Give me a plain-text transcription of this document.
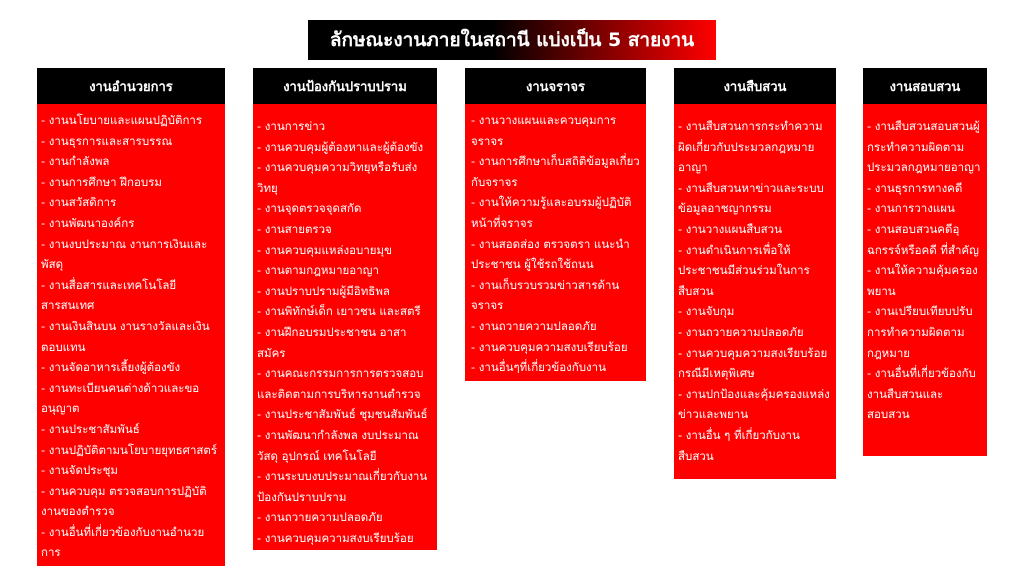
ลักษณะงานภายในสถานี แบ่งเป็น 5 สายงาน
งานอำนวยการ
- งานนโยบายและแผนปฏิบัติการ
- งานธุรการและสารบรรณ
- งานกำลังพล
- งานการศึกษา ฝึกอบรม
- งานสวัสดิการ
- งานพัฒนาองค์กร
- งานงบประมาณ งานการเงินและพัสดุ
- งานสื่อสารและเทคโนโลยีสารสนเทศ
- งานเงินสินบน งานรางวัลและเงินตอบแทน
- งานจัดอาหารเลี้ยงผู้ต้องขัง
- งานทะเบียนคนต่างด้าวและขออนุญาต
- งานประชาสัมพันธ์
- งานปฏิบัติตามนโยบายยุทธศาสตร์
- งานจัดประชุม
- งานควบคุม ตรวจสอบการปฏิบัติงานของตำรวจ
- งานอื่นที่เกี่ยวข้องกับงานอำนวยการ
งานป้องกันปราบปราม
- งานการข่าว
- งานควบคุมผู้ต้องหาและผู้ต้องขัง
- งานควบคุมความวิทยุหรือรับส่งวิทยุ
- งานจุดตรวจจุดสกัด
- งานสายตรวจ
- งานควบคุมแหล่งอบายมุข
- งานตามกฎหมายอาญา
- งานปราบปรามผู้มีอิทธิพล
- งานพิทักษ์เด็ก เยาวชน และสตรี
- งานฝึกอบรมประชาชน อาสาสมัคร
- งานคณะกรรมการการตรวจสอบและติดตามการบริหารงานตำรวจ
- งานประชาสัมพันธ์ ชุมชนสัมพันธ์
- งานพัฒนากำลังพล งบประมาณ วัสดุ อุปกรณ์ เทคโนโลยี
- งานระบบงบประมาณเกี่ยวกับงานป้องกันปราบปราม
- งานถวายความปลอดภัย
- งานควบคุมความสงบเรียบร้อย
- งานอื่นที่เกี่ยวกับงานป้องกัน
งานจราจร
- งานวางแผนและควบคุมการจราจร
- งานการศึกษาเก็บสถิติข้อมูลเกี่ยวกับจราจร
- งานให้ความรู้และอบรมผู้ปฏิบัติหน้าที่จราจร
- งานสอดส่อง ตรวจตรา แนะนำประชาชน ผู้ใช้รถใช้ถนน
- งานเก็บรวบรวมข่าวสารด้านจราจร
- งานถวายความปลอดภัย
- งานควบคุมความสงบเรียบร้อย
- งานอื่นๆที่เกี่ยวข้องกับงาน
งานสืบสวน
- งานสืบสวนการกระทำความผิดเกี่ยวกับประมวลกฎหมายอาญา
- งานสืบสวนหาข่าวและระบบข้อมูลอาชญากรรม
- งานวางแผนสืบสวน
- งานดำเนินการเพื่อให้ประชาชนมีส่วนร่วมในการสืบสวน
- งานจับกุม
- งานถวายความปลอดภัย
- งานควบคุมความสงเรียบร้อย กรณีมีเหตุพิเศษ
- งานปกป้องและคุ้มครองแหล่งข่าวและพยาน
- งานอื่น ๆ ที่เกี่ยวกับงานสืบสวน
งานสอบสวน
- งานสืบสวนสอบสวนผู้กระทำความผิดตามประมวลกฎหมายอาญา
- งานธุรการทางคดี
- งานการวางแผน
- งานสอบสวนคดีอุฉกรรจ์หรือคดี ที่สำคัญ
- งานให้ความคุ้มครองพยาน
- งานเปรียบเทียบปรับการทำความผิดตามกฎหมาย
- งานอื่นที่เกี่ยวข้องกับงานสืบสวนและสอบสวน
